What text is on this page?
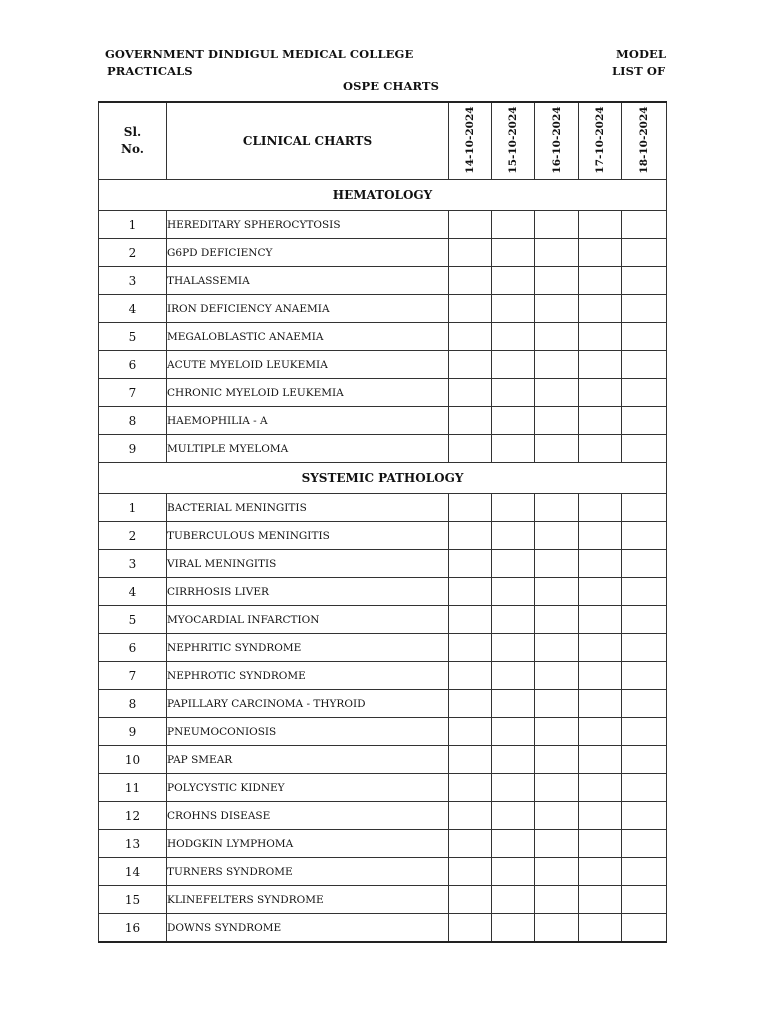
GOVERNMENT DINDIGUL MEDICAL COLLEGE	MODEL
PRACTICALS	LIST OF
OSPE CHARTS
Sl.
No.	CLINICAL CHARTS	14-10-2024	15-10-2024	16-10-2024	17-10-2024	18-10-2024

HEMATOLOGY						
1	HEREDITARY SPHEROCYTOSIS					
2	G6PD DEFICIENCY					
3	THALASSEMIA					
4	IRON DEFICIENCY ANAEMIA					
5	MEGALOBLASTIC ANAEMIA					
6	ACUTE MYELOID LEUKEMIA					
7	CHRONIC MYELOID LEUKEMIA					
8	HAEMOPHILIA - A					
9	MULTIPLE MYELOMA					
SYSTEMIC PATHOLOGY						
1	BACTERIAL MENINGITIS					
2	TUBERCULOUS MENINGITIS					
3	VIRAL MENINGITIS					
4	CIRRHOSIS LIVER					
5	MYOCARDIAL INFARCTION					
6	NEPHRITIC SYNDROME					
7	NEPHROTIC SYNDROME					
8	PAPILLARY CARCINOMA - THYROID					
9	PNEUMOCONIOSIS					
10	PAP SMEAR					
11	POLYCYSTIC KIDNEY					
12	CROHNS DISEASE					
13	HODGKIN LYMPHOMA					
14	TURNERS SYNDROME					
15	KLINEFELTERS SYNDROME					
16	DOWNS SYNDROME					
